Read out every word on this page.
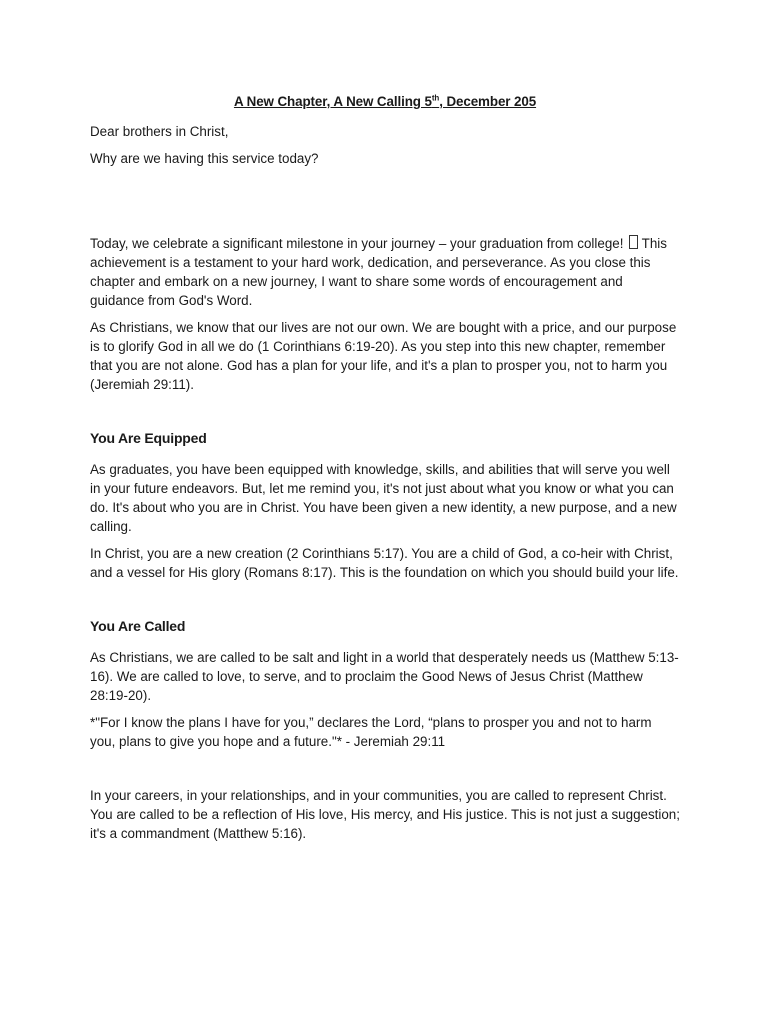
A New Chapter, A New Calling 5th, December 205

Dear brothers in Christ,

Why are we having this service today?

Today, we celebrate a significant milestone in your journey – your graduation from college! This achievement is a testament to your hard work, dedication, and perseverance. As you close this chapter and embark on a new journey, I want to share some words of encouragement and guidance from God's Word.

As Christians, we know that our lives are not our own. We are bought with a price, and our purpose is to glorify God in all we do (1 Corinthians 6:19-20). As you step into this new chapter, remember that you are not alone. God has a plan for your life, and it's a plan to prosper you, not to harm you (Jeremiah 29:11).

You Are Equipped

As graduates, you have been equipped with knowledge, skills, and abilities that will serve you well in your future endeavors. But, let me remind you, it's not just about what you know or what you can do. It's about who you are in Christ. You have been given a new identity, a new purpose, and a new calling.

In Christ, you are a new creation (2 Corinthians 5:17). You are a child of God, a co-heir with Christ, and a vessel for His glory (Romans 8:17). This is the foundation on which you should build your life.

You Are Called

As Christians, we are called to be salt and light in a world that desperately needs us (Matthew 5:13-16). We are called to love, to serve, and to proclaim the Good News of Jesus Christ (Matthew 28:19-20).

*"For I know the plans I have for you,” declares the Lord, “plans to prosper you and not to harm you, plans to give you hope and a future."* - Jeremiah 29:11

In your careers, in your relationships, and in your communities, you are called to represent Christ. You are called to be a reflection of His love, His mercy, and His justice. This is not just a suggestion; it's a commandment (Matthew 5:16).
